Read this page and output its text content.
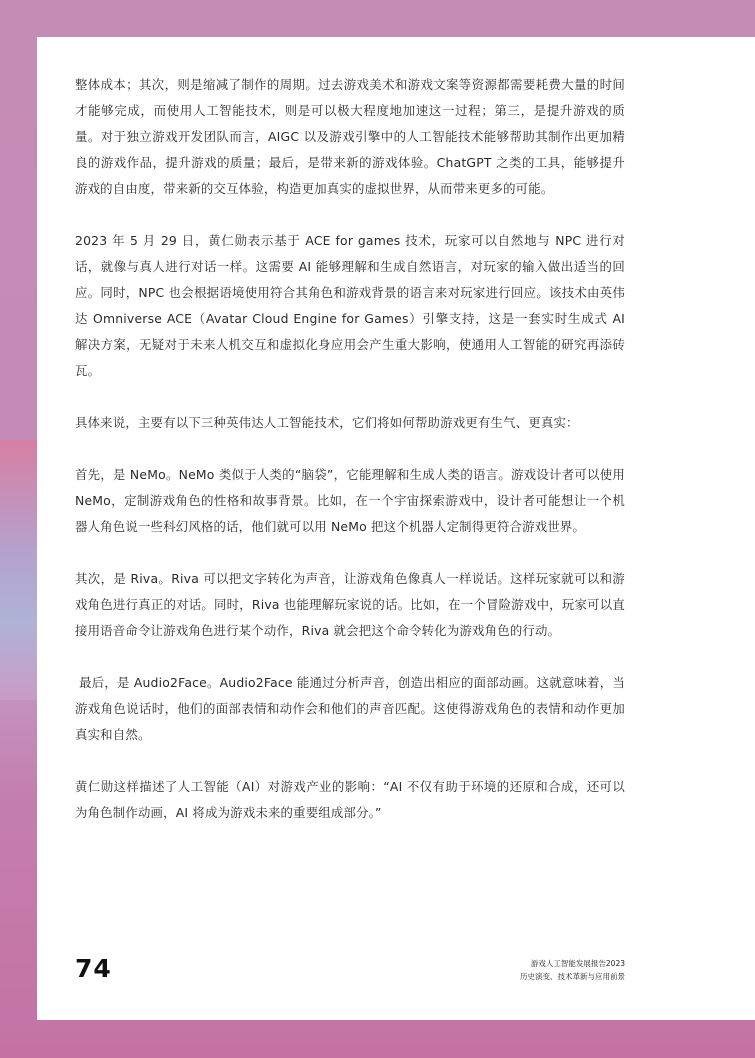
整体成本；其次，则是缩减了制作的周期。过去游戏美术和游戏文案等资源都需要耗费大量的时间才能够完成，而使用人工智能技术，则是可以极大程度地加速这一过程；第三，是提升游戏的质量。对于独立游戏开发团队而言，AIGC 以及游戏引擎中的人工智能技术能够帮助其制作出更加精良的游戏作品，提升游戏的质量；最后，是带来新的游戏体验。ChatGPT 之类的工具，能够提升游戏的自由度，带来新的交互体验，构造更加真实的虚拟世界，从而带来更多的可能。

2023 年 5 月 29 日，黄仁勋表示基于 ACE for games 技术，玩家可以自然地与 NPC 进行对话，就像与真人进行对话一样。这需要 AI 能够理解和生成自然语言，对玩家的输入做出适当的回应。同时，NPC 也会根据语境使用符合其角色和游戏背景的语言来对玩家进行回应。该技术由英伟达 Omniverse ACE（Avatar Cloud Engine for Games）引擎支持，这是一套实时生成式 AI 解决方案，无疑对于未来人机交互和虚拟化身应用会产生重大影响，使通用人工智能的研究再添砖瓦。

具体来说，主要有以下三种英伟达人工智能技术，它们将如何帮助游戏更有生气、更真实：

首先，是 NeMo。NeMo 类似于人类的“脑袋”，它能理解和生成人类的语言。游戏设计者可以使用 NeMo，定制游戏角色的性格和故事背景。比如，在一个宇宙探索游戏中，设计者可能想让一个机器人角色说一些科幻风格的话，他们就可以用 NeMo 把这个机器人定制得更符合游戏世界。

其次，是 Riva。Riva 可以把文字转化为声音，让游戏角色像真人一样说话。这样玩家就可以和游戏角色进行真正的对话。同时，Riva 也能理解玩家说的话。比如，在一个冒险游戏中，玩家可以直接用语音命令让游戏角色进行某个动作，Riva 就会把这个命令转化为游戏角色的行动。

最后，是 Audio2Face。Audio2Face 能通过分析声音，创造出相应的面部动画。这就意味着，当游戏角色说话时，他们的面部表情和动作会和他们的声音匹配。这使得游戏角色的表情和动作更加真实和自然。

黄仁勋这样描述了人工智能（AI）对游戏产业的影响：“AI 不仅有助于环境的还原和合成，还可以为角色制作动画，AI 将成为游戏未来的重要组成部分。”

74	游戏人工智能发展报告2023
历史演变、技术革新与应用前景
